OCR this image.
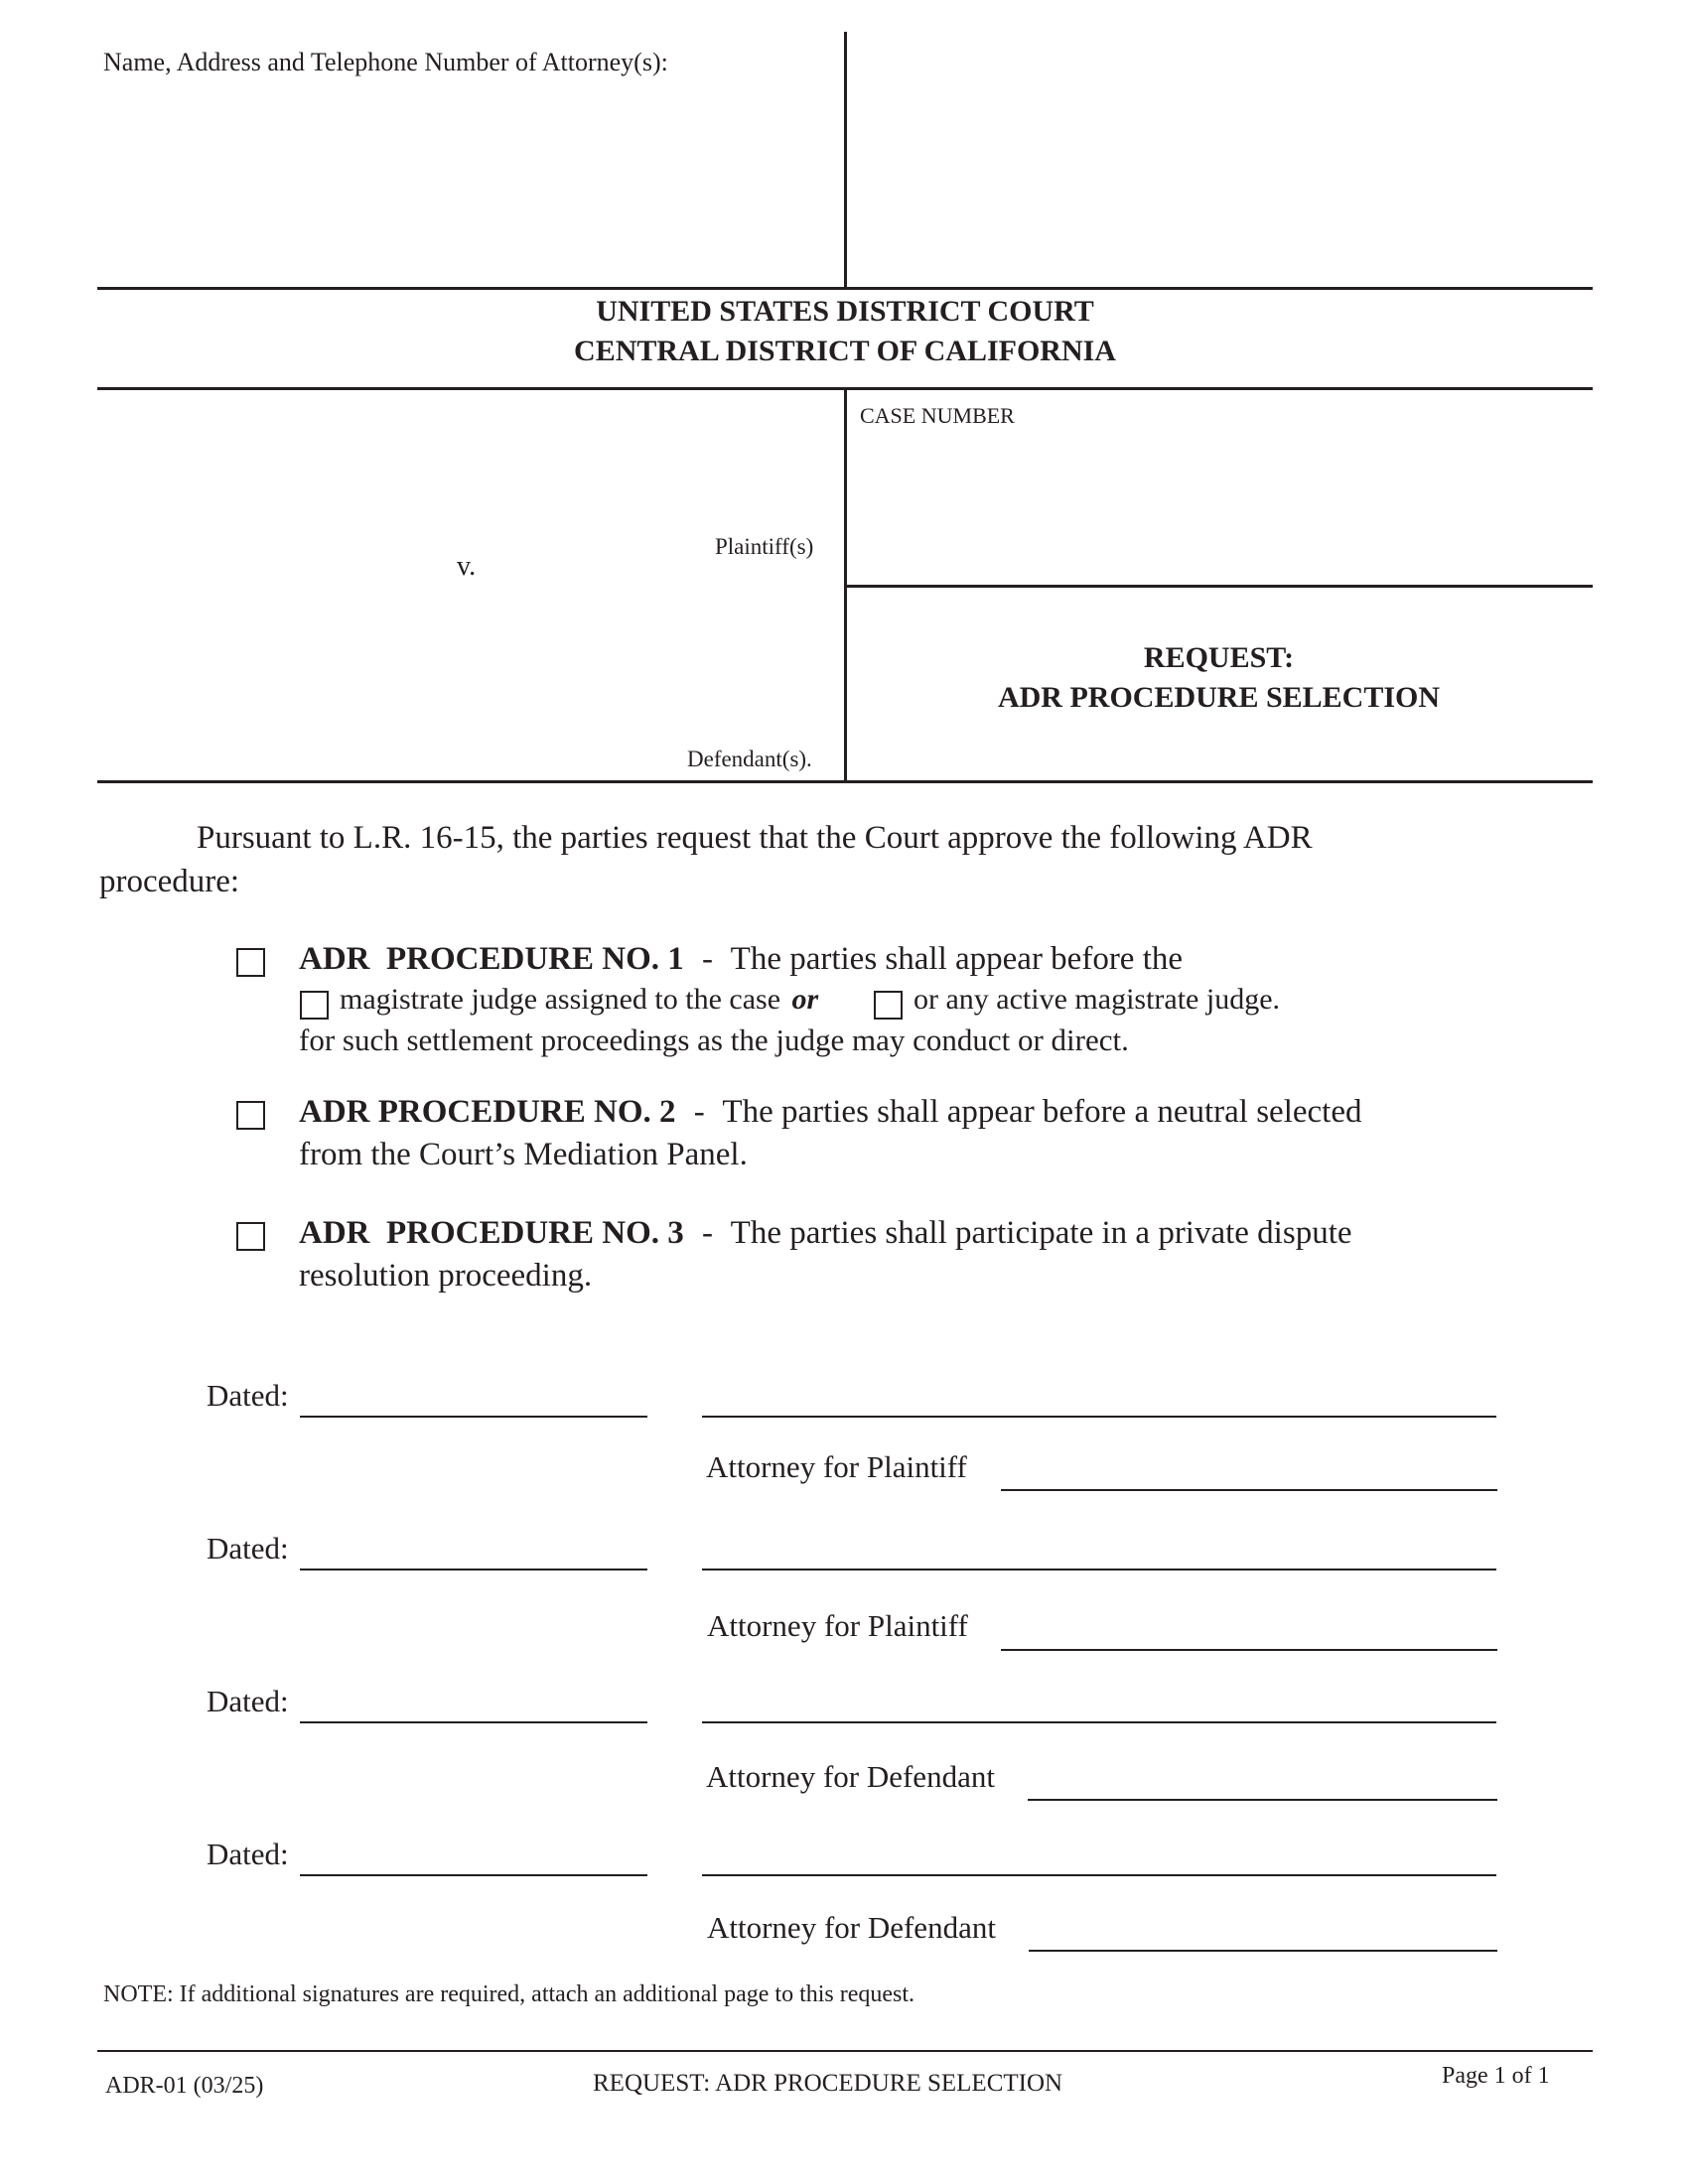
Name, Address and Telephone Number of Attorney(s):
UNITED STATES DISTRICT COURT
CENTRAL DISTRICT OF CALIFORNIA
Plaintiff(s)
v.
Defendant(s).
CASE NUMBER
REQUEST:
ADR PROCEDURE SELECTION
Pursuant to L.R. 16-15, the parties request that the Court approve the following ADR
procedure:
ADR  PROCEDURE NO. 1 - The parties shall appear before the
magistrate judge assigned to the case or	or any active magistrate judge.
for such settlement proceedings as the judge may conduct or direct.
ADR PROCEDURE NO. 2 - The parties shall appear before a neutral selected
from the Court’s Mediation Panel.
ADR  PROCEDURE NO. 3 - The parties shall participate in a private dispute
resolution proceeding.
Dated:
Attorney for Plaintiff
Dated:
Attorney for Plaintiff
Dated:
Attorney for Defendant
Dated:
Attorney for Defendant
NOTE: If additional signatures are required, attach an additional page to this request.
ADR-01 (03/25)	REQUEST: ADR PROCEDURE SELECTION	Page 1 of 1
